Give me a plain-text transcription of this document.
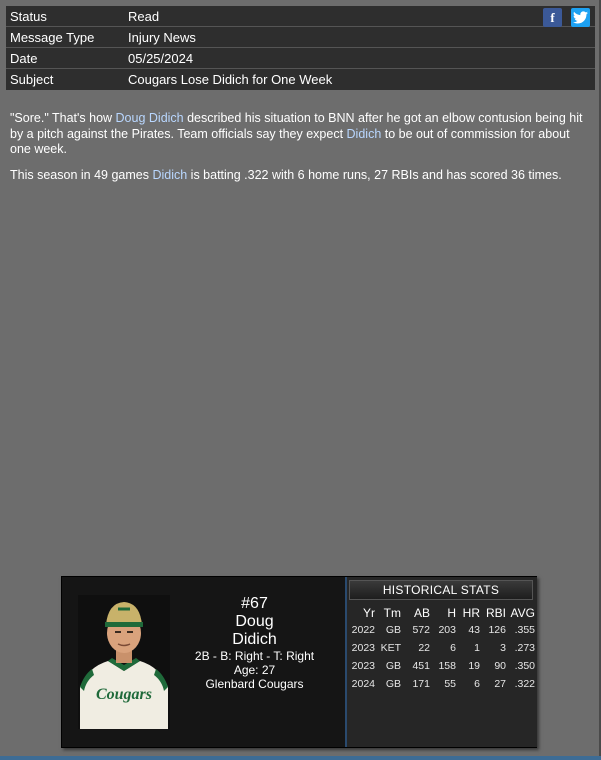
Status	Read
Message Type	Injury News
Date	05/25/2024
Subject	Cougars Lose Didich for One Week
f

"Sore." That's how Doug Didich described his situation to BNN after he got an elbow contusion being hit by a pitch against the Pirates. Team officials say they expect Didich to be out of commission for about one week.

This season in 49 games Didich is batting .322 with 6 home runs, 27 RBIs and has scored 36 times.

Cougars
#67
Doug
Didich
2B - B: Right - T: Right
Age: 27
Glenbard Cougars
HISTORICAL STATS
Yr	Tm	AB	H	HR	RBI	AVG
2022	GB	572	203	43	126	.355
2023	KET	22	6	1	3	.273
2023	GB	451	158	19	90	.350
2024	GB	171	55	6	27	.322
